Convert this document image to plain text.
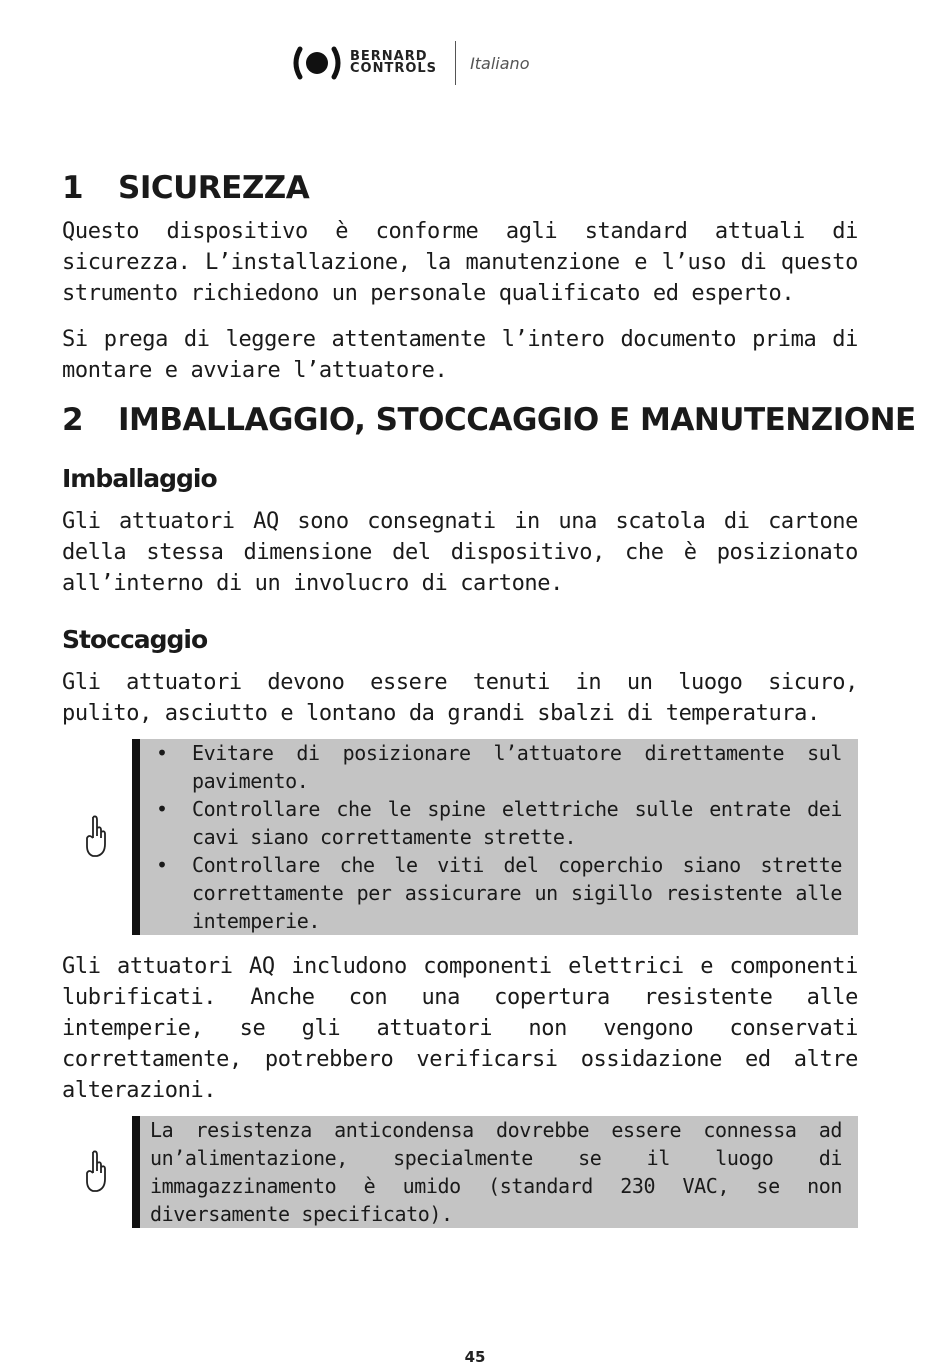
BERNARD
CONTROLS Italiano
1 SICUREZZA

Questo dispositivo è conforme agli standard attuali di sicurezza. L’installazione, la manutenzione e l’uso di questo strumento richiedono un personale qualificato ed esperto.

Si prega di leggere attentamente l’intero documento prima di montare e avviare l’attuatore.

2 IMBALLAGGIO, STOCCAGGIO E MANUTENZIONE
Imballaggio

Gli attuatori AQ sono consegnati in una scatola di cartone della stessa dimensione del dispositivo, che è posizionato all’interno di un involucro di cartone.

Stoccaggio

Gli attuatori devono essere tenuti in un luogo sicuro, pulito, asciutto e lontano da grandi sbalzi di temperatura.

• Evitare di posizionare l’attuatore direttamente sul pavimento.
• Controllare che le spine elettriche sulle entrate dei cavi siano correttamente strette.
• Controllare che le viti del coperchio siano strette correttamente per assicurare un sigillo resistente alle intemperie.

Gli attuatori AQ includono componenti elettrici e componenti lubrificati. Anche con una copertura resistente alle intemperie, se gli attuatori non vengono conservati correttamente, potrebbero verificarsi ossidazione ed altre alterazioni.

La resistenza anticondensa dovrebbe essere connessa ad un’alimentazione, specialmente se il luogo di immagazzinamento è umido (standard 230 VAC, se non diversamente specificato).

45
